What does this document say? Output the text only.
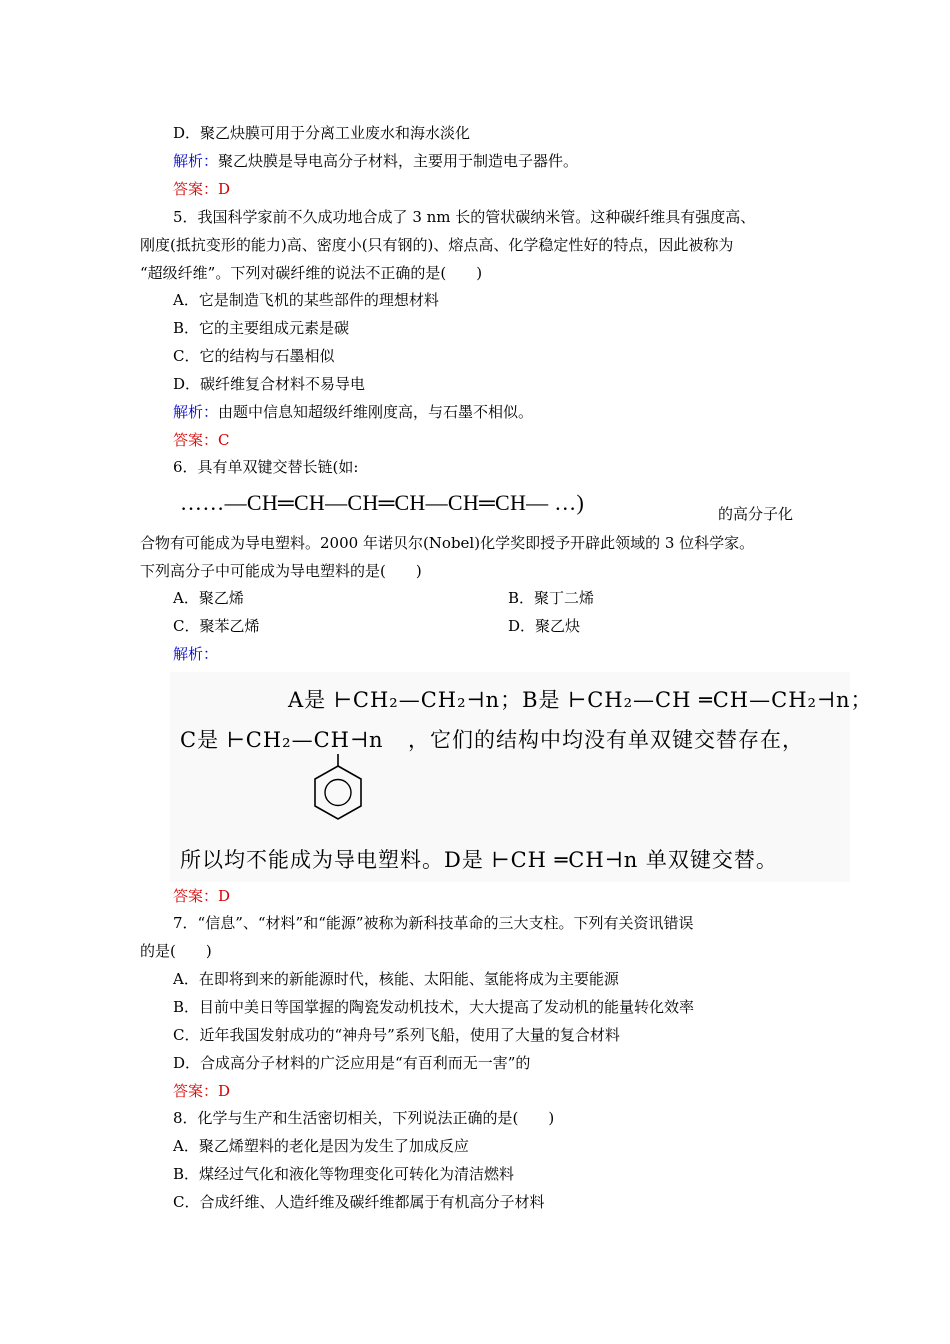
D．聚乙炔膜可用于分离工业废水和海水淡化
解析：聚乙炔膜是导电高分子材料，主要用于制造电子器件。
答案：D
5．我国科学家前不久成功地合成了 3 nm 长的管状碳纳米管。这种碳纤维具有强度高、
刚度(抵抗变形的能力)高、密度小(只有钢的)、熔点高、化学稳定性好的特点，因此被称为
“超级纤维”。下列对碳纤维的说法不正确的是(　　)
A．它是制造飞机的某些部件的理想材料
B．它的主要组成元素是碳
C．它的结构与石墨相似
D．碳纤维复合材料不易导电
解析：由题中信息知超级纤维刚度高，与石墨不相似。
答案：C
6．具有单双键交替长链(如:
……—CH═CH—CH═CH—CH═CH— …)	的高分子化
合物有可能成为导电塑料。2000 年诺贝尔(Nobel)化学奖即授予开辟此领域的 3 位科学家。
下列高分子中可能成为导电塑料的是(　　)
A．聚乙烯	B．聚丁二烯
C．聚苯乙烯	D．聚乙炔
解析：
A是 ⊢CH₂—CH₂⊣n；B是 ⊢CH₂—CH ═CH—CH₂⊣n；
C是 ⊢CH₂—CH⊣n ，它们的结构中均没有单双键交替存在，
所以均不能成为导电塑料。D是 ⊢CH ═CH⊣n 单双键交替。
答案：D
7．“信息”、“材料”和“能源”被称为新科技革命的三大支柱。下列有关资讯错误
的是(　　)
A．在即将到来的新能源时代，核能、太阳能、氢能将成为主要能源
B．目前中美日等国掌握的陶瓷发动机技术，大大提高了发动机的能量转化效率
C．近年我国发射成功的“神舟号”系列飞船，使用了大量的复合材料
D．合成高分子材料的广泛应用是“有百利而无一害”的
答案：D
8．化学与生产和生活密切相关，下列说法正确的是(　　)
A．聚乙烯塑料的老化是因为发生了加成反应
B．煤经过气化和液化等物理变化可转化为清洁燃料
C．合成纤维、人造纤维及碳纤维都属于有机高分子材料
